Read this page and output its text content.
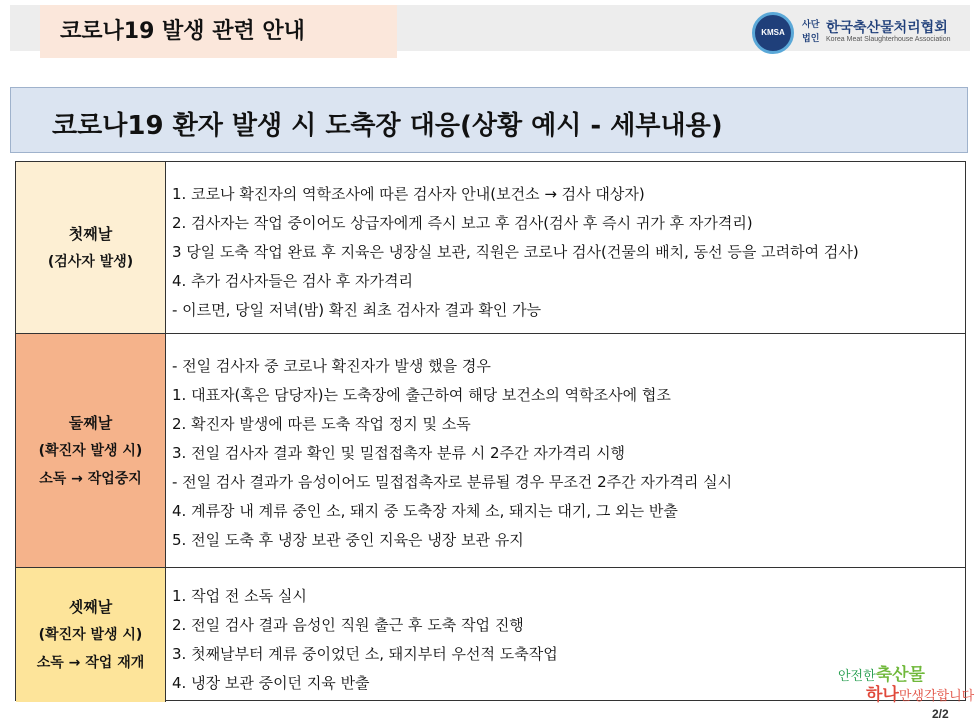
코로나19 발생 관련 안내	KMSA
사단
법인
한국축산물처리협회
Korea Meat Slaughterhouse Association
코로나19 환자 발생 시 도축장 대응(상황 예시 - 세부내용)
첫째날
(검사자 발생)
1. 코로나 확진자의 역학조사에 따른 검사자 안내(보건소 → 검사 대상자)
2. 검사자는 작업 중이어도 상급자에게 즉시 보고 후 검사(검사 후 즉시 귀가 후 자가격리)
3 당일 도축 작업 완료 후 지육은 냉장실 보관, 직원은 코로나 검사(건물의 배치, 동선 등을 고려하여 검사)
4. 추가 검사자들은 검사 후 자가격리
- 이르면, 당일 저녁(밤) 확진 최초 검사자 결과 확인 가능
둘째날
(확진자 발생 시)
소독 → 작업중지
- 전일 검사자 중 코로나 확진자가 발생 했을 경우
1. 대표자(혹은 담당자)는 도축장에 출근하여 해당 보건소의 역학조사에 협조
2. 확진자 발생에 따른 도축 작업 정지 및 소독
3. 전일 검사자 결과 확인 및 밀접접촉자 분류 시 2주간 자가격리 시행
- 전일 검사 결과가 음성이어도 밀접접촉자로 분류될 경우 무조건 2주간 자가격리 실시
4. 계류장 내 계류 중인 소, 돼지 중 도축장 자체 소, 돼지는 대기, 그 외는 반출
5. 전일 도축 후 냉장 보관 중인 지육은 냉장 보관 유지
셋째날
(확진자 발생 시)
소독 → 작업 재개
1. 작업 전 소독 실시
2. 전일 검사 결과 음성인 직원 출근 후 도축 작업 진행
3. 첫째날부터 계류 중이었던 소, 돼지부터 우선적 도축작업
4. 냉장 보관 중이던 지육 반출	안전한축산물
하나만생각합니다
2/2
